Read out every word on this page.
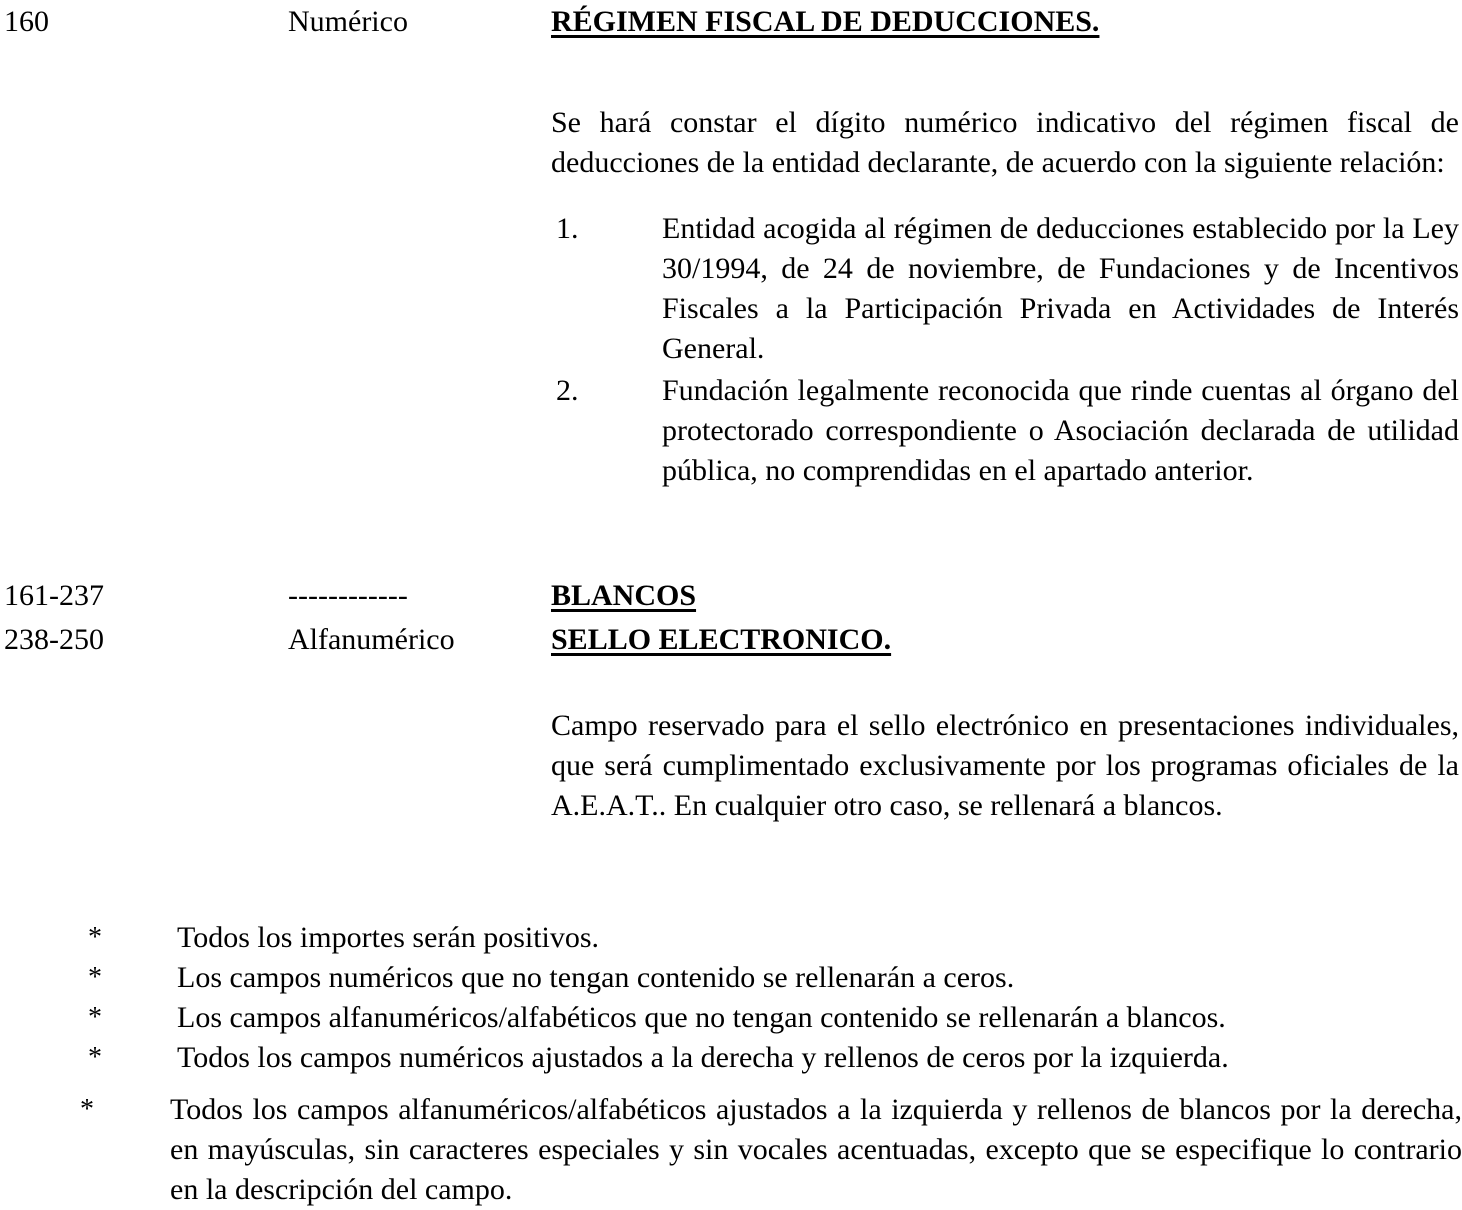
160	Numérico	RÉGIMEN FISCAL DE DEDUCCIONES.
Se hará constar el dígito numérico indicativo del régimen fiscal de deducciones de la entidad declarante, de acuerdo con la siguiente relación:
1.	Entidad acogida al régimen de deducciones establecido por la Ley 30/1994, de 24 de noviembre, de Fundaciones y de Incentivos Fiscales a la Participación Privada en Actividades de Interés General.
2.	Fundación legalmente reconocida que rinde cuentas al órgano del protectorado correspondiente o Asociación declarada de utilidad pública, no comprendidas en el apartado anterior.
161-237	------------	BLANCOS
238-250	Alfanumérico	SELLO ELECTRONICO.
Campo reservado para el sello electrónico en presentaciones individuales, que será cumplimentado exclusivamente por los programas oficiales de la A.E.A.T.. En cualquier otro caso, se rellenará a blancos.
*	Todos los importes serán positivos.
*	Los campos numéricos que no tengan contenido se rellenarán a ceros.
*	Los campos alfanuméricos/alfabéticos que no tengan contenido se rellenarán a blancos.
*	Todos los campos numéricos ajustados a la derecha y rellenos de ceros por la izquierda.
*	Todos los campos alfanuméricos/alfabéticos ajustados a la izquierda y rellenos de blancos por la derecha, en mayúsculas, sin caracteres especiales y sin vocales acentuadas, excepto que se especifique lo contrario en la descripción del campo.
